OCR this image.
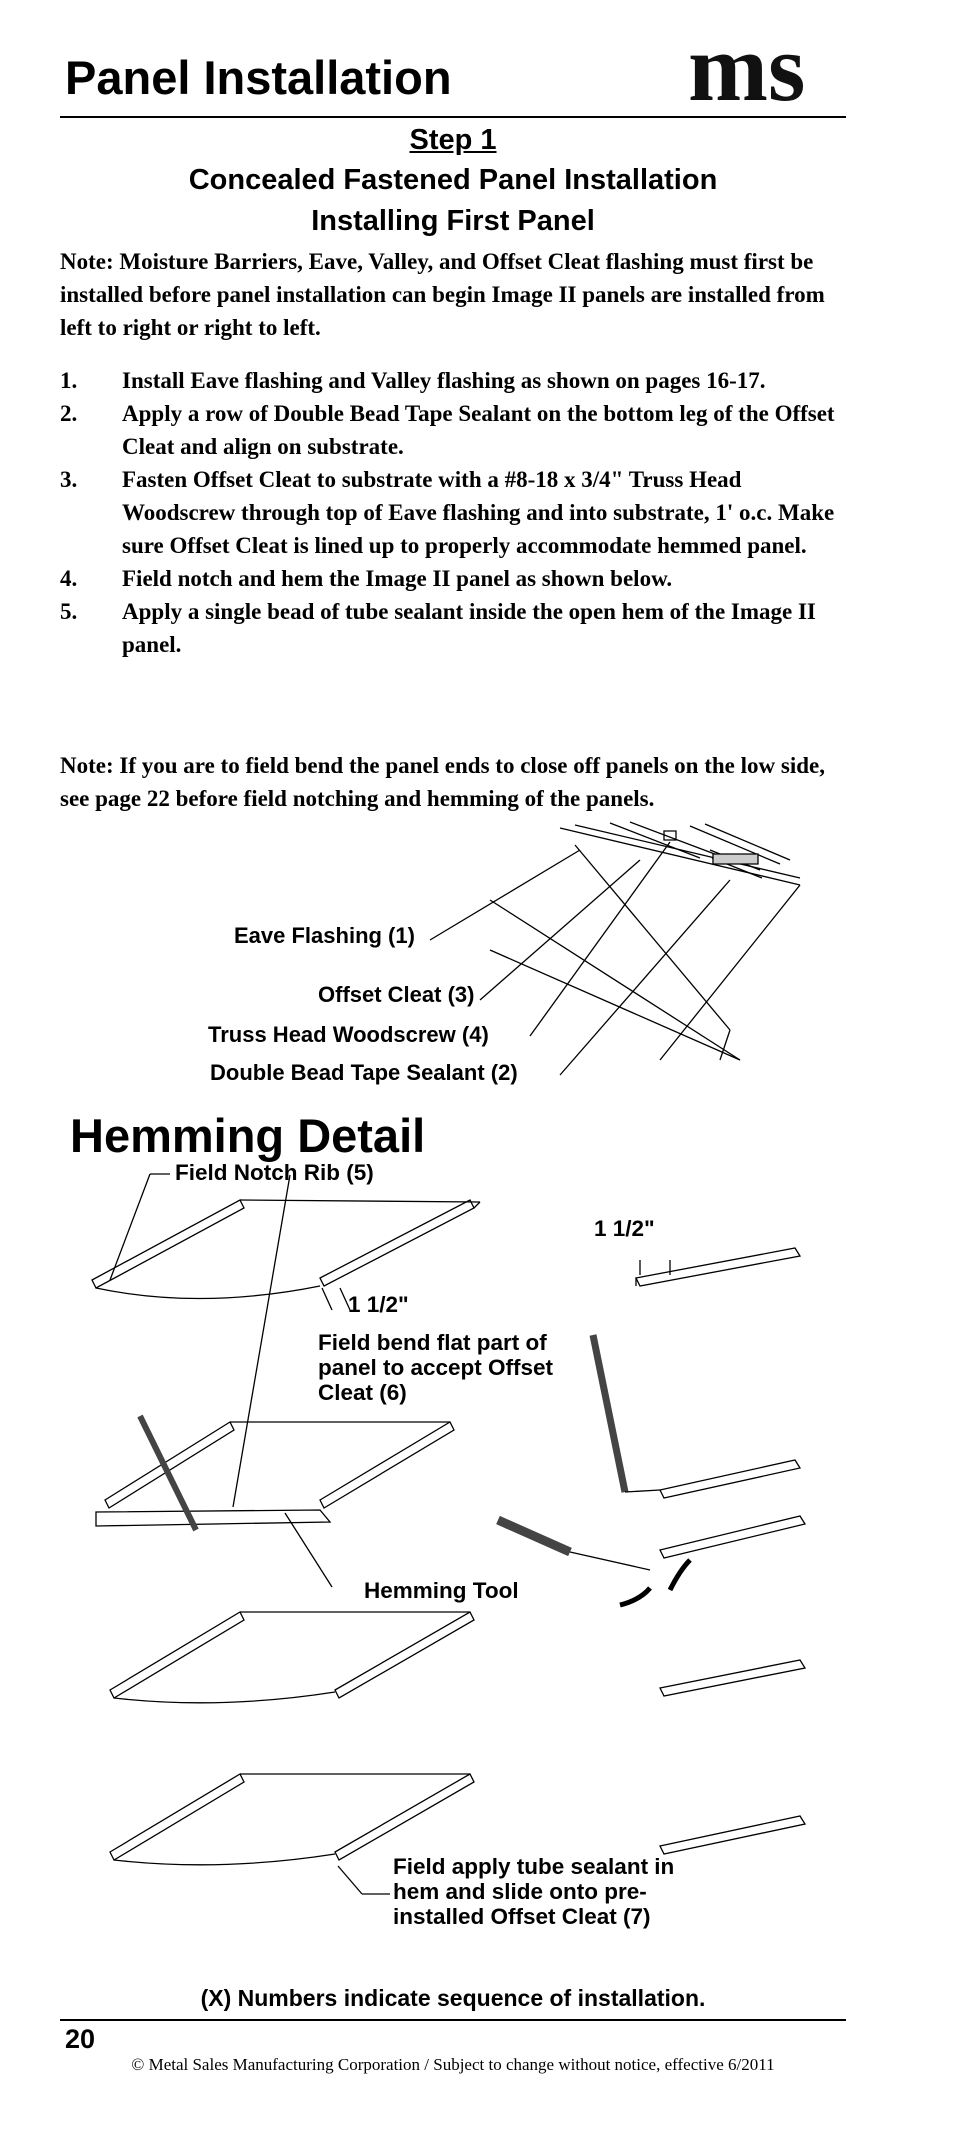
Panel Installation ms
Step 1
Concealed Fastened Panel Installation
Installing First Panel
Note: Moisture Barriers, Eave, Valley, and Offset Cleat flashing must first be installed before panel installation can begin Image II panels are installed from left to right or right to left.
1.	Install Eave flashing and Valley flashing as shown on pages 16-17.
2.	Apply a row of Double Bead Tape Sealant on the bottom leg of the Offset Cleat and align on substrate.
3.	Fasten Offset Cleat to substrate with a #8-18 x 3/4" Truss Head Woodscrew through top of Eave flashing and into substrate, 1' o.c. Make sure Offset Cleat is lined up to properly accommodate hemmed panel.
4.	Field notch and hem the Image II panel as shown below.
5.	Apply a single bead of tube sealant inside the open hem of the Image II panel.
Note: If you are to field bend the panel ends to close off panels on the low side, see page 22 before field notching and hemming of the panels.
Eave Flashing (1)
Offset Cleat (3)
Truss Head Woodscrew (4)
Double Bead Tape Sealant (2)
Hemming Detail
Field Notch Rib (5)
1 1/2"
1 1/2"
Field bend flat part of panel to accept Offset Cleat (6)
Hemming Tool
Field apply tube sealant in hem and slide onto pre-installed Offset Cleat (7)
(X) Numbers indicate sequence of installation.
20
© Metal Sales Manufacturing Corporation / Subject to change without notice, effective 6/2011
